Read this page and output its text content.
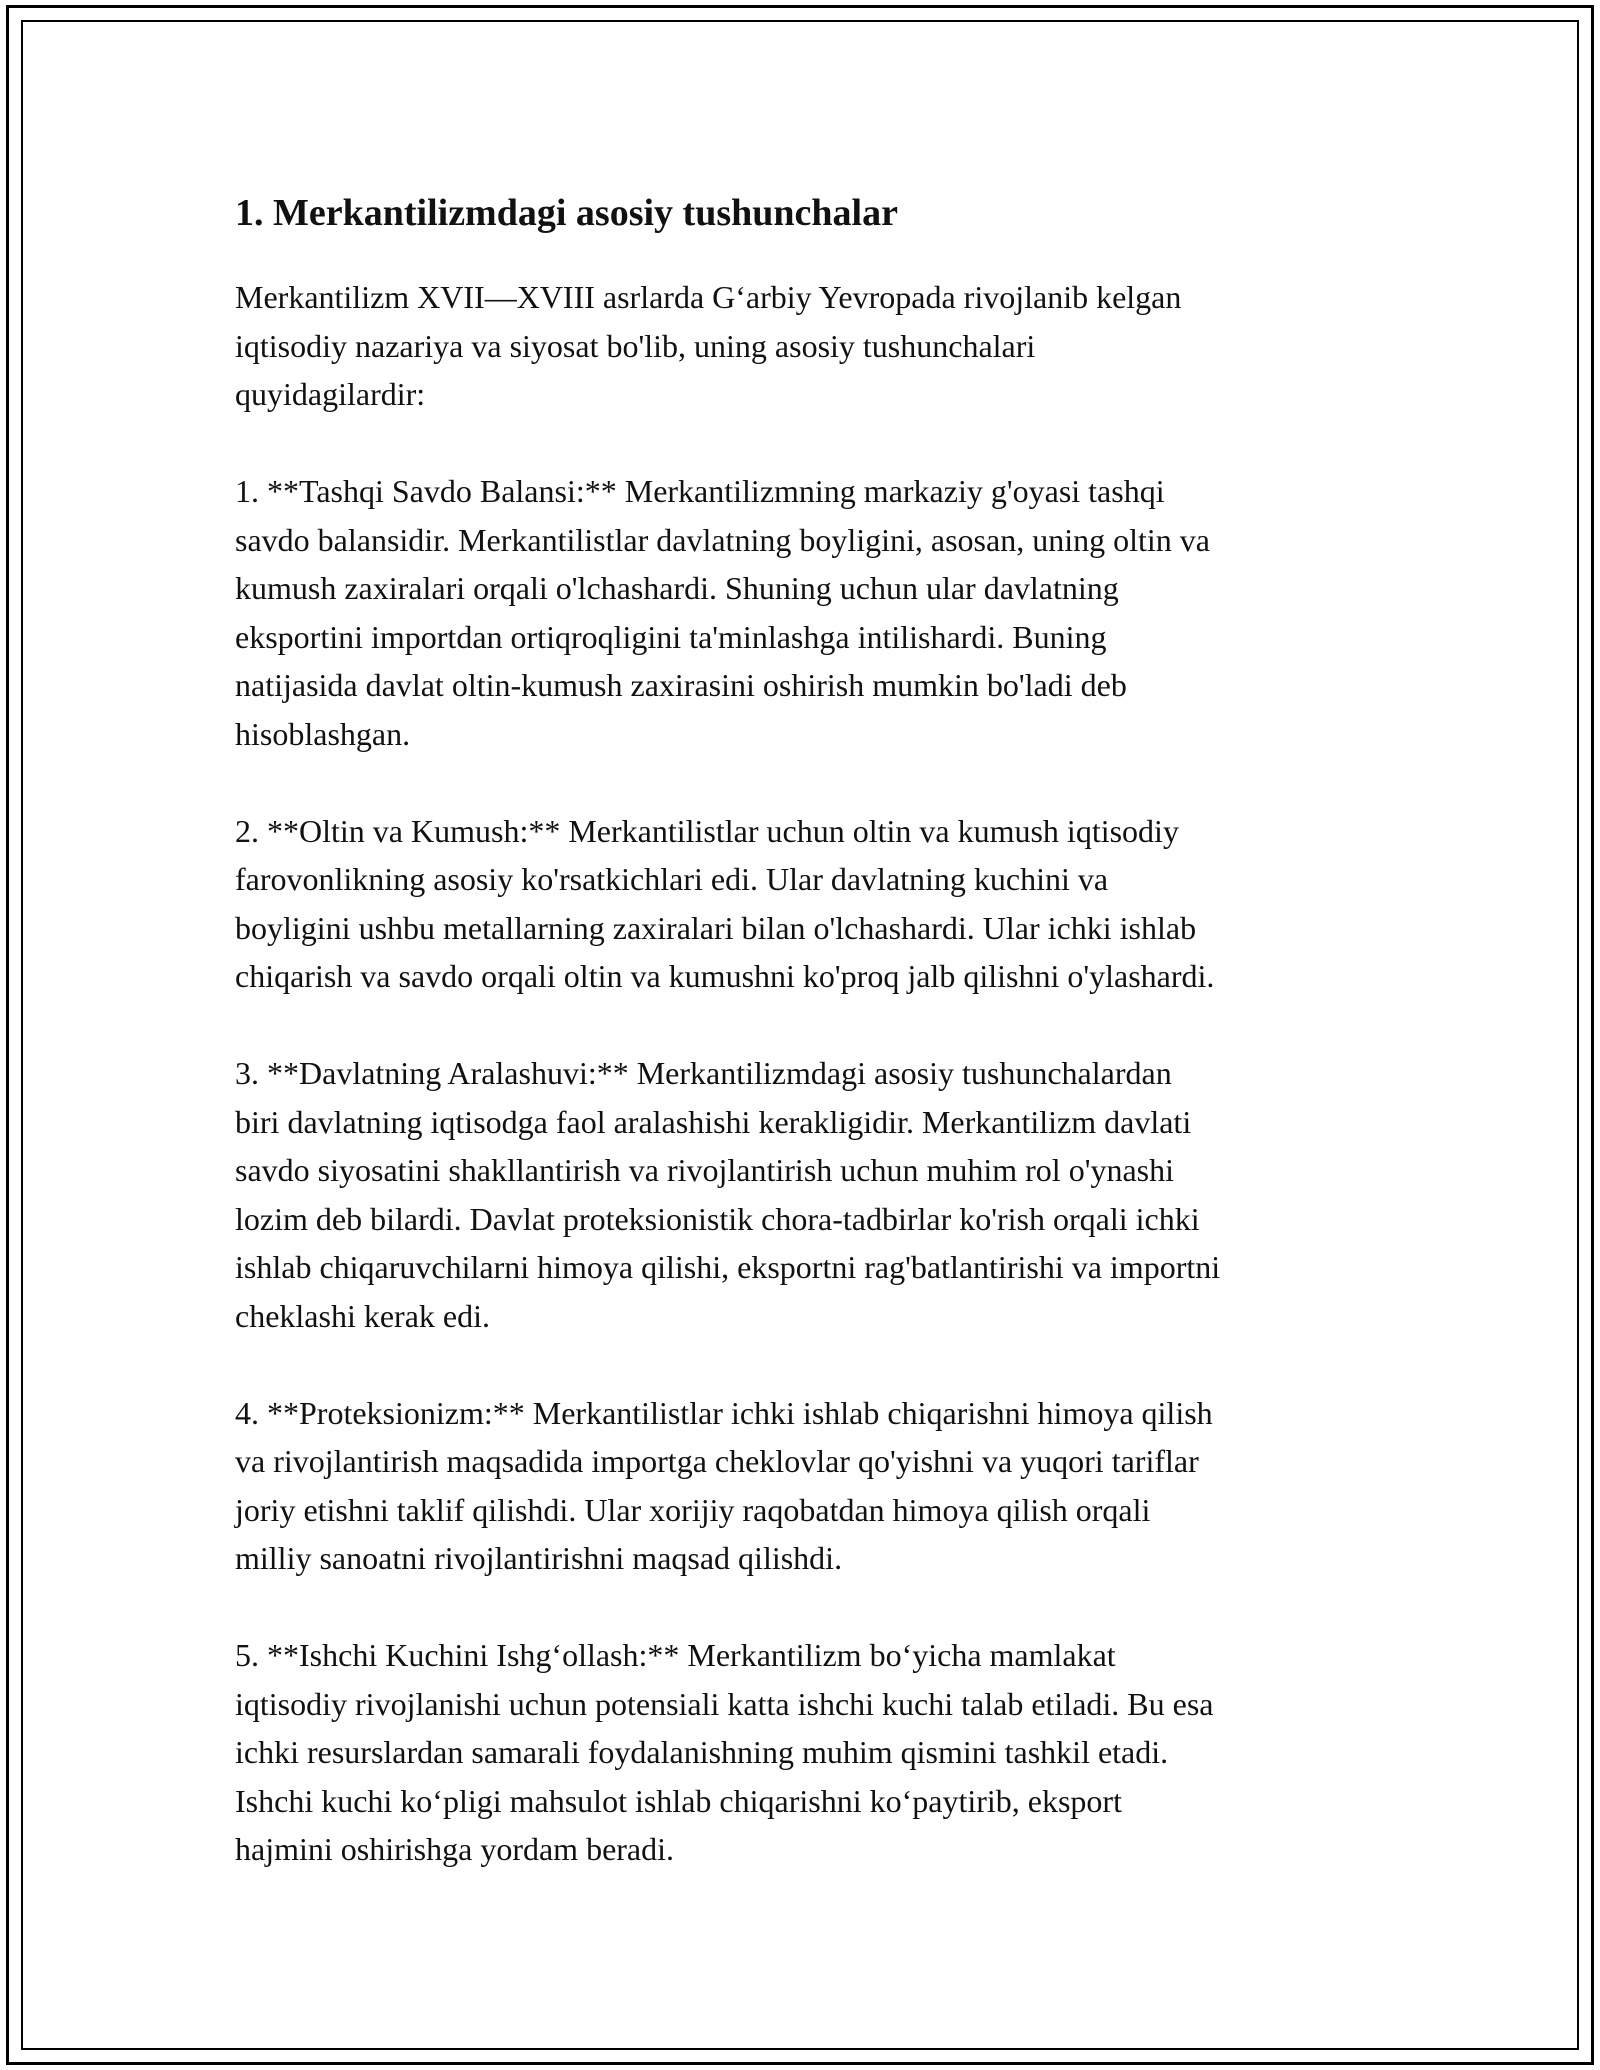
1. Merkantilizmdagi asosiy tushunchalar

Merkantilizm XVII—XVIII asrlarda G‘arbiy Yevropada rivojlanib kelgan
iqtisodiy nazariya va siyosat bo'lib, uning asosiy tushunchalari
quyidagilardir:

1. **Tashqi Savdo Balansi:** Merkantilizmning markaziy g'oyasi tashqi
savdo balansidir. Merkantilistlar davlatning boyligini, asosan, uning oltin va
kumush zaxiralari orqali o'lchashardi. Shuning uchun ular davlatning
eksportini importdan ortiqroqligini ta'minlashga intilishardi. Buning
natijasida davlat oltin-kumush zaxirasini oshirish mumkin bo'ladi deb
hisoblashgan.

2. **Oltin va Kumush:** Merkantilistlar uchun oltin va kumush iqtisodiy
farovonlikning asosiy ko'rsatkichlari edi. Ular davlatning kuchini va
boyligini ushbu metallarning zaxiralari bilan o'lchashardi. Ular ichki ishlab
chiqarish va savdo orqali oltin va kumushni ko'proq jalb qilishni o'ylashardi.

3. **Davlatning Aralashuvi:** Merkantilizmdagi asosiy tushunchalardan
biri davlatning iqtisodga faol aralashishi kerakligidir. Merkantilizm davlati
savdo siyosatini shakllantirish va rivojlantirish uchun muhim rol o'ynashi
lozim deb bilardi. Davlat proteksionistik chora-tadbirlar ko'rish orqali ichki
ishlab chiqaruvchilarni himoya qilishi, eksportni rag'batlantirishi va importni
cheklashi kerak edi.

4. **Proteksionizm:** Merkantilistlar ichki ishlab chiqarishni himoya qilish
va rivojlantirish maqsadida importga cheklovlar qo'yishni va yuqori tariflar
joriy etishni taklif qilishdi. Ular xorijiy raqobatdan himoya qilish orqali
milliy sanoatni rivojlantirishni maqsad qilishdi.

5. **Ishchi Kuchini Ishg‘ollash:** Merkantilizm bo‘yicha mamlakat
iqtisodiy rivojlanishi uchun potensiali katta ishchi kuchi talab etiladi. Bu esa
ichki resurslardan samarali foydalanishning muhim qismini tashkil etadi.
Ishchi kuchi ko‘pligi mahsulot ishlab chiqarishni ko‘paytirib, eksport
hajmini oshirishga yordam beradi.
